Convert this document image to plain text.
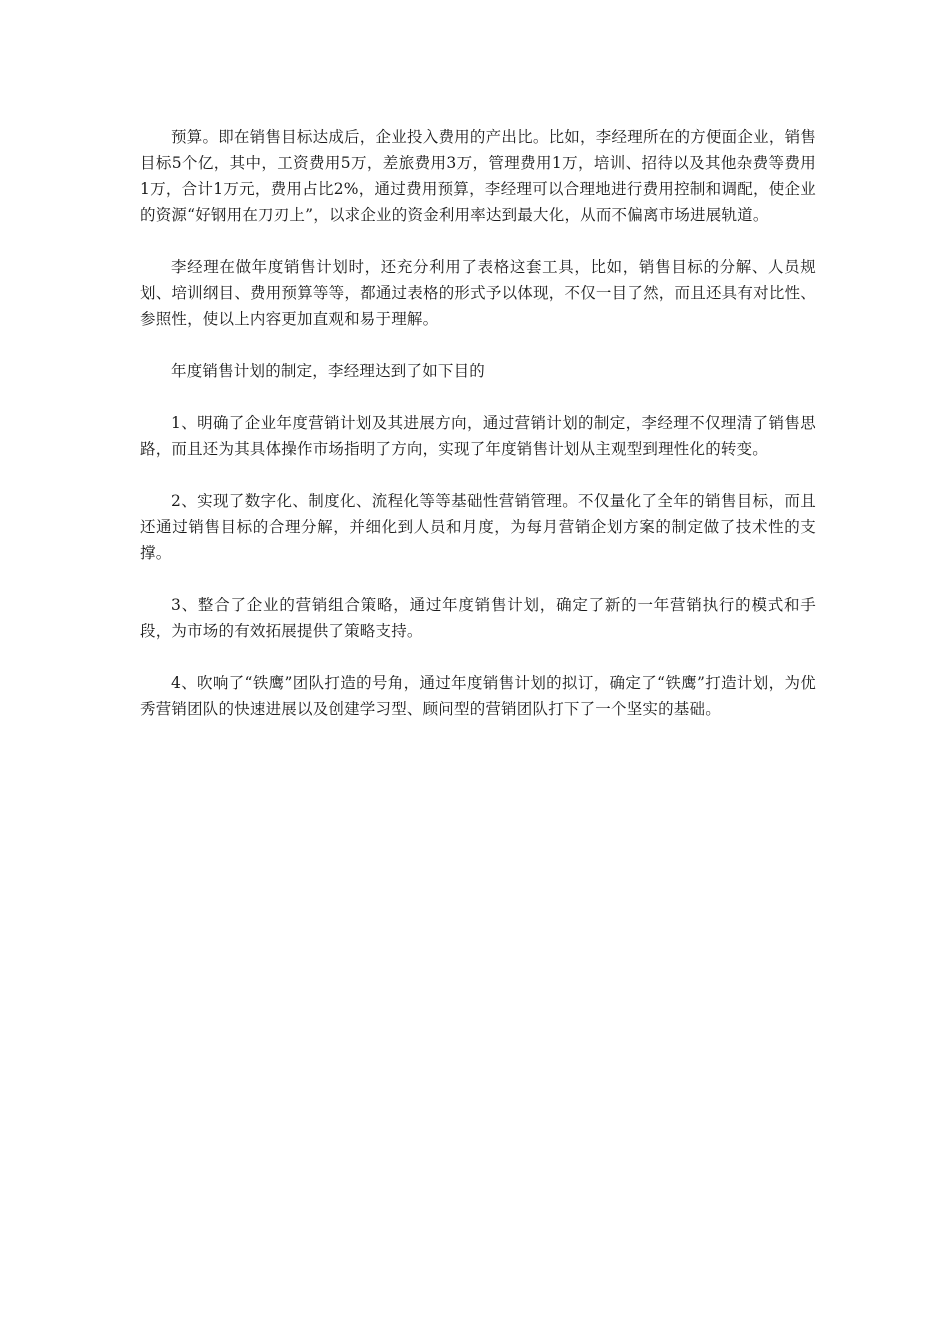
预算。即在销售目标达成后，企业投入费用的产出比。比如，李经理所在的方便面企业，销售目标5个亿，其中，工资费用5万，差旅费用3万，管理费用1万，培训、招待以及其他杂费等费用1万，合计1万元，费用占比2%，通过费用预算，李经理可以合理地进行费用控制和调配，使企业的资源“好钢用在刀刃上”，以求企业的资金利用率达到最大化，从而不偏离市场进展轨道。

李经理在做年度销售计划时，还充分利用了表格这套工具，比如，销售目标的分解、人员规划、培训纲目、费用预算等等，都通过表格的形式予以体现，不仅一目了然，而且还具有对比性、参照性，使以上内容更加直观和易于理解。

年度销售计划的制定，李经理达到了如下目的

1、明确了企业年度营销计划及其进展方向，通过营销计划的制定，李经理不仅理清了销售思路，而且还为其具体操作市场指明了方向，实现了年度销售计划从主观型到理性化的转变。

2、实现了数字化、制度化、流程化等等基础性营销管理。不仅量化了全年的销售目标，而且还通过销售目标的合理分解，并细化到人员和月度，为每月营销企划方案的制定做了技术性的支撑。

3、整合了企业的营销组合策略，通过年度销售计划，确定了新的一年营销执行的模式和手段，为市场的有效拓展提供了策略支持。

4、吹响了“铁鹰”团队打造的号角，通过年度销售计划的拟订，确定了“铁鹰”打造计划，为优秀营销团队的快速进展以及创建学习型、顾问型的营销团队打下了一个坚实的基础。
